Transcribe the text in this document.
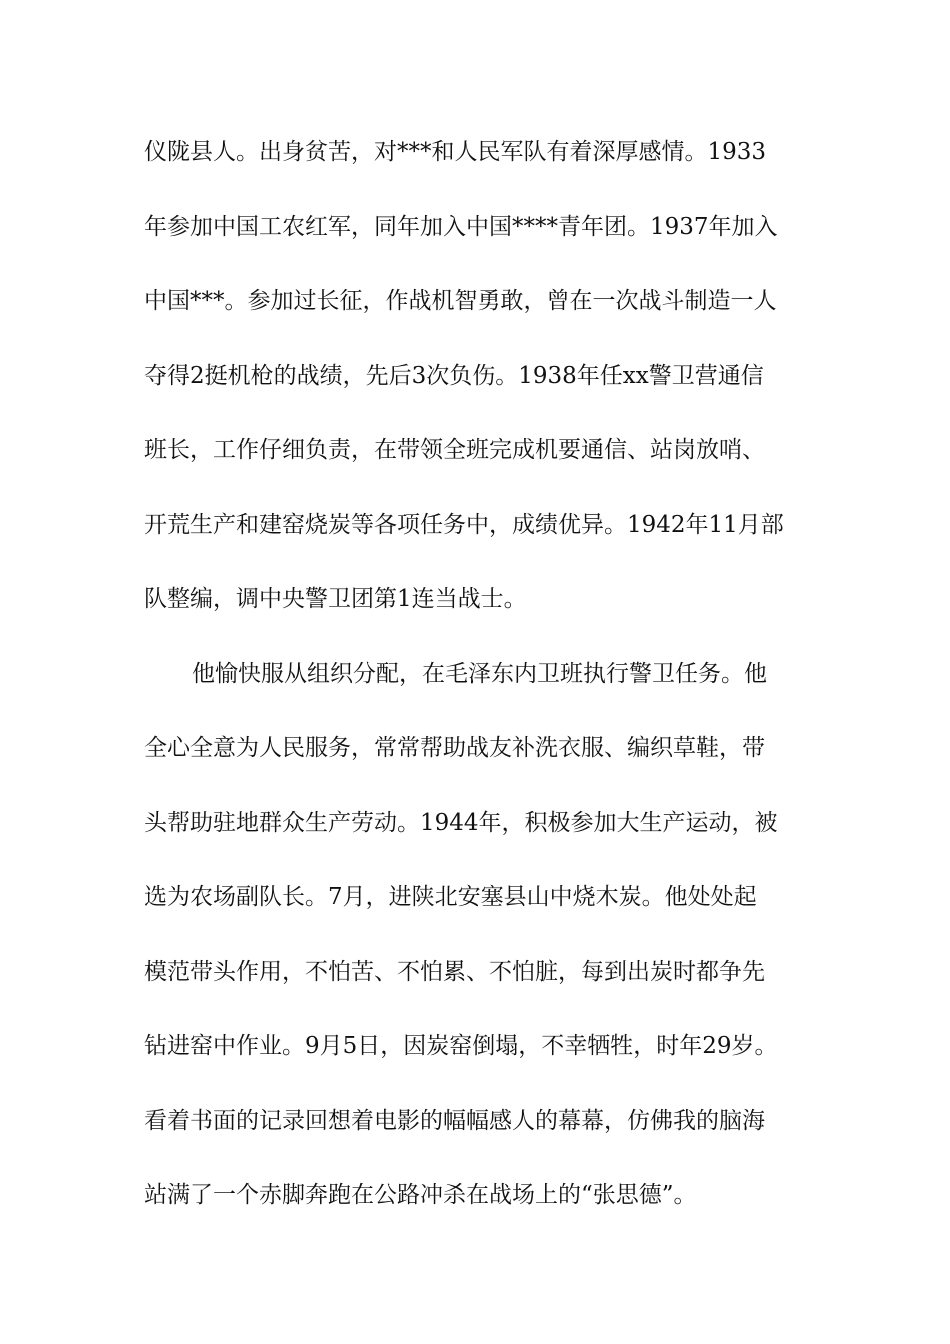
仪陇县人。出身贫苦，对***和人民军队有着深厚感情。1933
年参加中国工农红军，同年加入中国****青年团。1937年加入
中国***。参加过长征，作战机智勇敢，曾在一次战斗制造一人
夺得2挺机枪的战绩，先后3次负伤。1938年任xx警卫营通信
班长，工作仔细负责，在带领全班完成机要通信、站岗放哨、
开荒生产和建窑烧炭等各项任务中，成绩优异。1942年11月部
队整编，调中央警卫团第1连当战士。
他愉快服从组织分配，在毛泽东内卫班执行警卫任务。他
全心全意为人民服务，常常帮助战友补洗衣服、编织草鞋，带
头帮助驻地群众生产劳动。1944年，积极参加大生产运动，被
选为农场副队长。7月，进陕北安塞县山中烧木炭。他处处起
模范带头作用，不怕苦、不怕累、不怕脏，每到出炭时都争先
钻进窑中作业。9月5日，因炭窑倒塌，不幸牺牲，时年29岁。
看着书面的记录回想着电影的幅幅感人的幕幕，仿佛我的脑海
站满了一个赤脚奔跑在公路冲杀在战场上的“张思德”。
